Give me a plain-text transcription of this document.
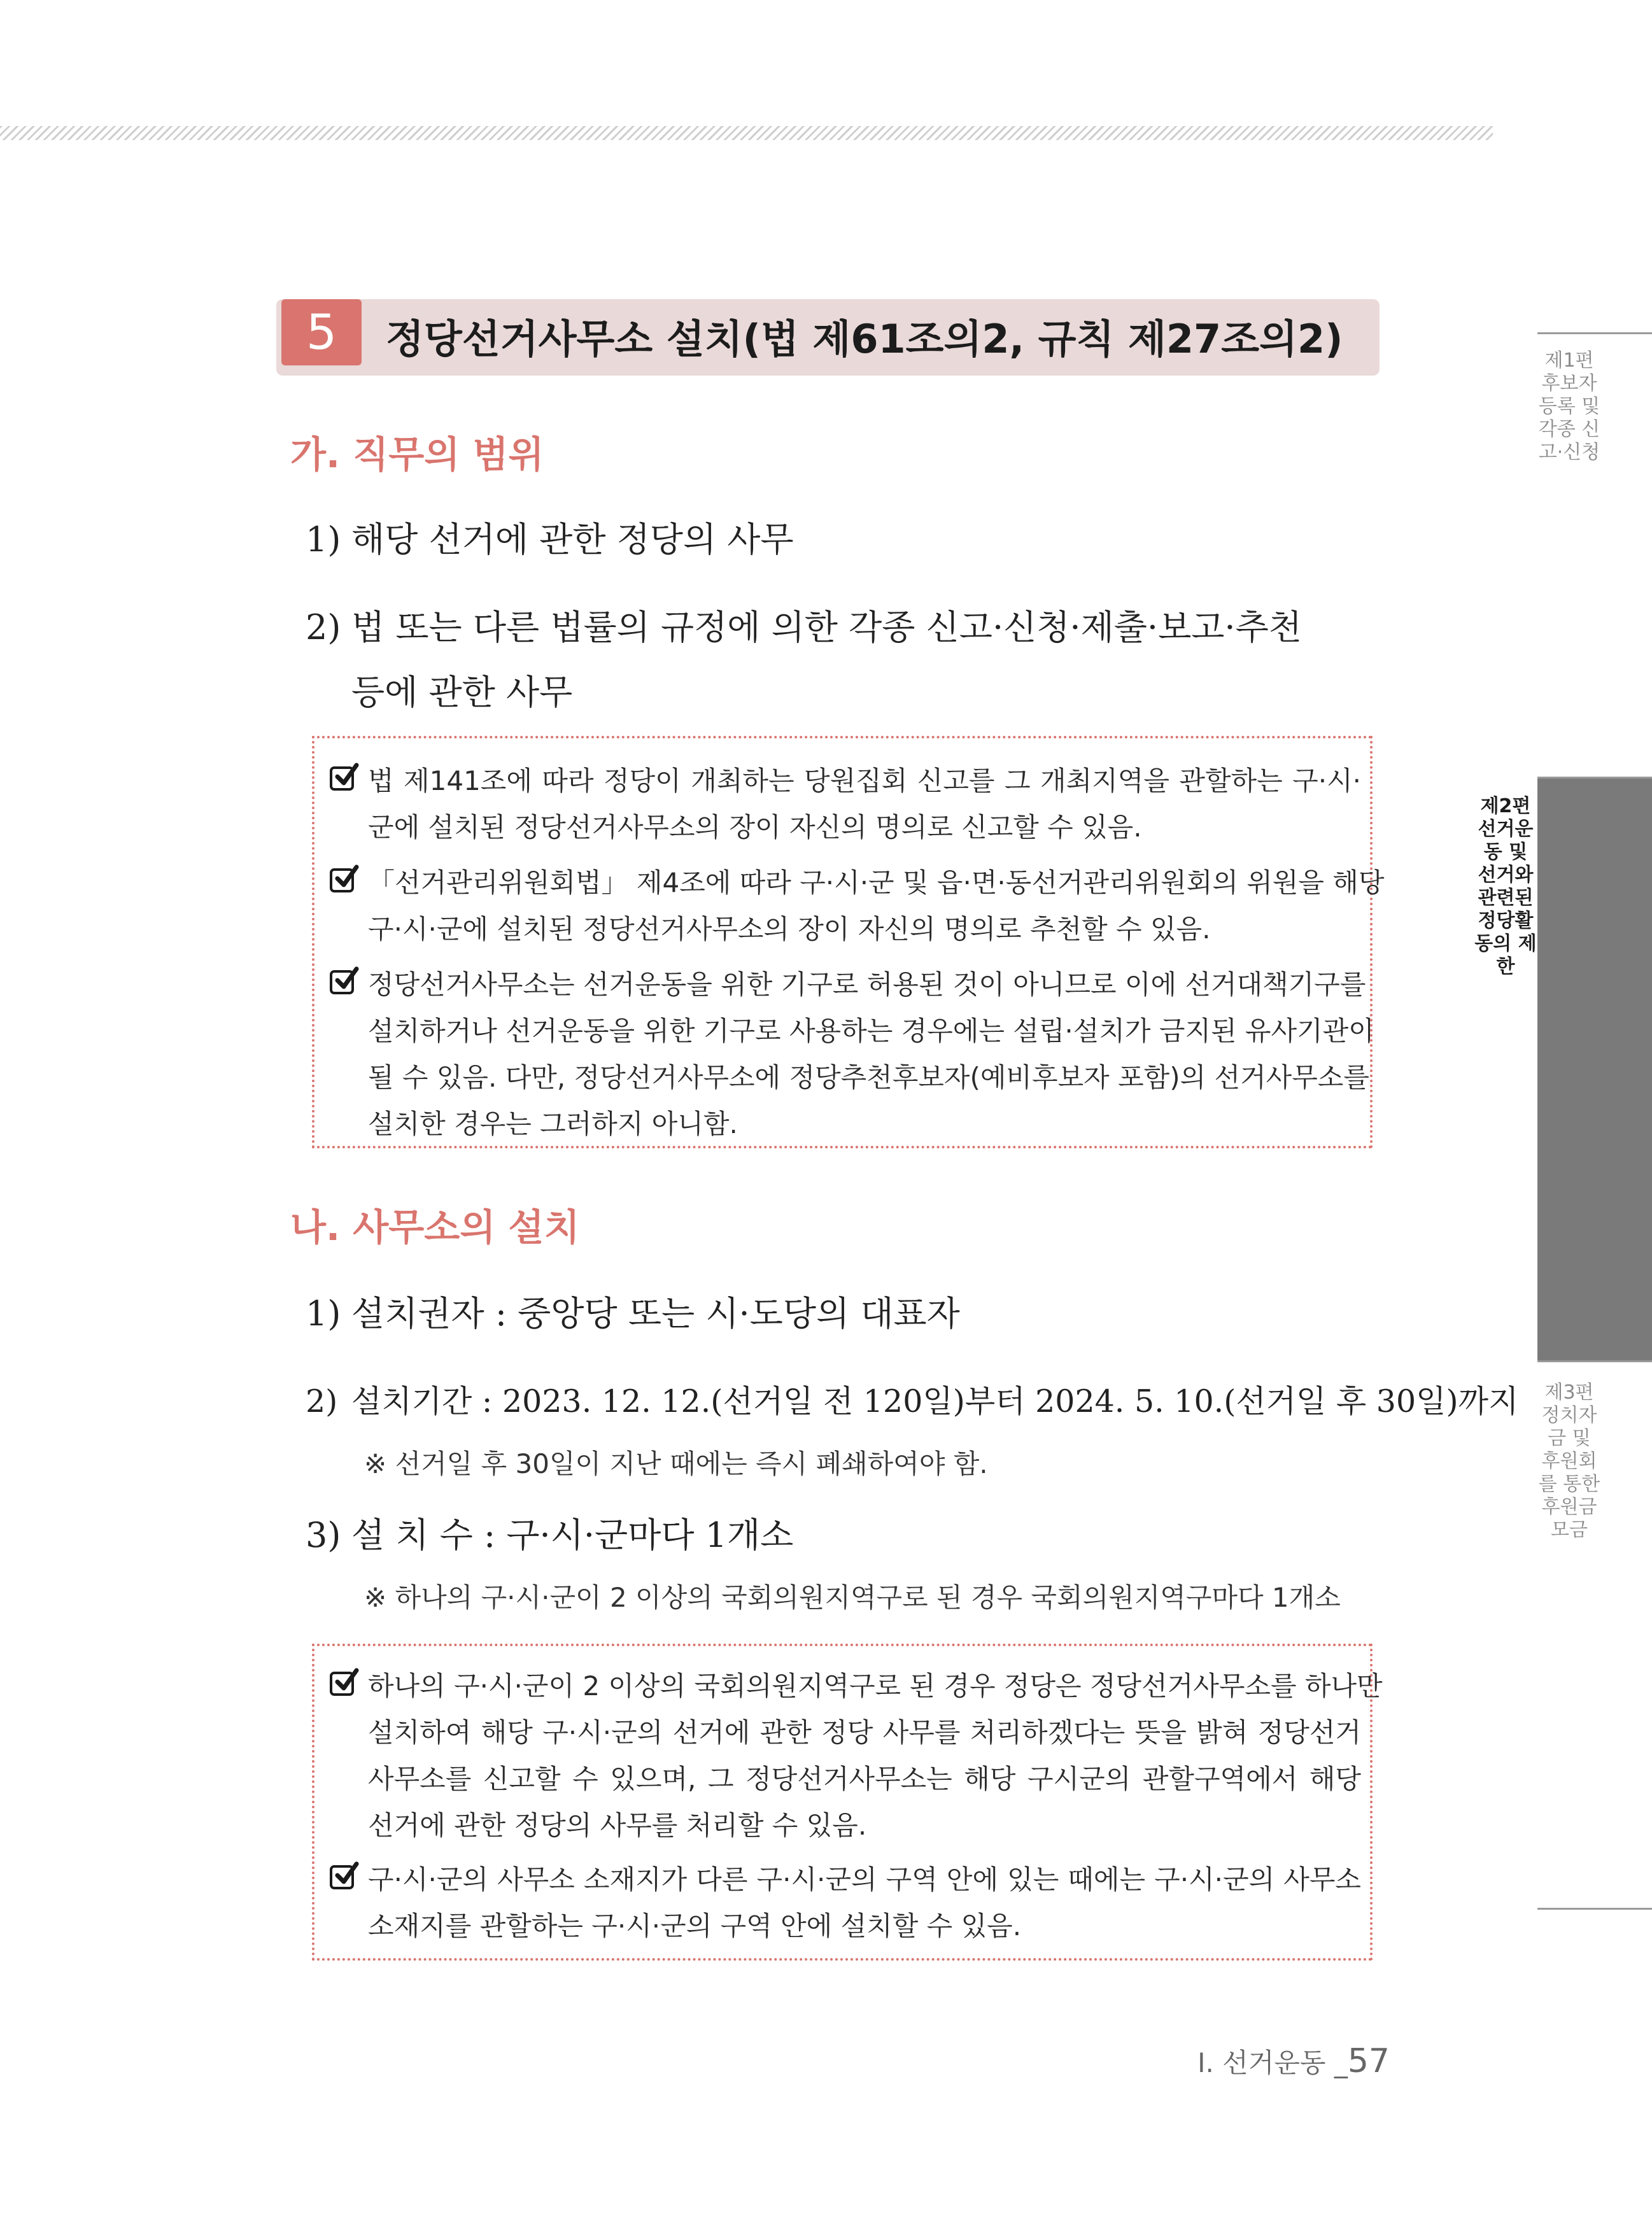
5	정당선거사무소 설치(법 제61조의2, 규칙 제27조의2)
가. 직무의 범위
1) 해당 선거에 관한 정당의 사무
2) 법 또는 다른 법률의 규정에 의한 각종 신고·신청·제출·보고·추천
등에 관한 사무
법 제141조에 따라 정당이 개최하는 당원집회 신고를 그 개최지역을 관할하는 구·시·
군에 설치된 정당선거사무소의 장이 자신의 명의로 신고할 수 있음.
「선거관리위원회법」 제4조에 따라 구·시·군 및 읍·면·동선거관리위원회의 위원을 해당
구·시·군에 설치된 정당선거사무소의 장이 자신의 명의로 추천할 수 있음.
정당선거사무소는 선거운동을 위한 기구로 허용된 것이 아니므로 이에 선거대책기구를
설치하거나 선거운동을 위한 기구로 사용하는 경우에는 설립·설치가 금지된 유사기관이
될 수 있음. 다만, 정당선거사무소에 정당추천후보자(예비후보자 포함)의 선거사무소를
설치한 경우는 그러하지 아니함.
나. 사무소의 설치
1) 설치권자 : 중앙당 또는 시·도당의 대표자
2) 설치기간 : 2023. 12. 12.(선거일 전 120일)부터 2024. 5. 10.(선거일 후 30일)까지
※ 선거일 후 30일이 지난 때에는 즉시 폐쇄하여야 함.
3) 설 치 수 : 구·시·군마다 1개소
※ 하나의 구·시·군이 2 이상의 국회의원지역구로 된 경우 국회의원지역구마다 1개소
하나의 구·시·군이 2 이상의 국회의원지역구로 된 경우 정당은 정당선거사무소를 하나만
설치하여 해당 구·시·군의 선거에 관한 정당 사무를 처리하겠다는 뜻을 밝혀 정당선거
사무소를 신고할 수 있으며, 그 정당선거사무소는 해당 구시군의 관할구역에서 해당
선거에 관한 정당의 사무를 처리할 수 있음.
구·시·군의 사무소 소재지가 다른 구·시·군의 구역 안에 있는 때에는 구·시·군의 사무소
소재지를 관할하는 구·시·군의 구역 안에 설치할 수 있음.
제1편 후보자등록 및 각종 신고·신청
제2편 선거운동 및 선거와 관련된 정당활동의 제한
제3편 정치자금 및 후원회를 통한 후원금 모금
Ⅰ. 선거운동 _57
